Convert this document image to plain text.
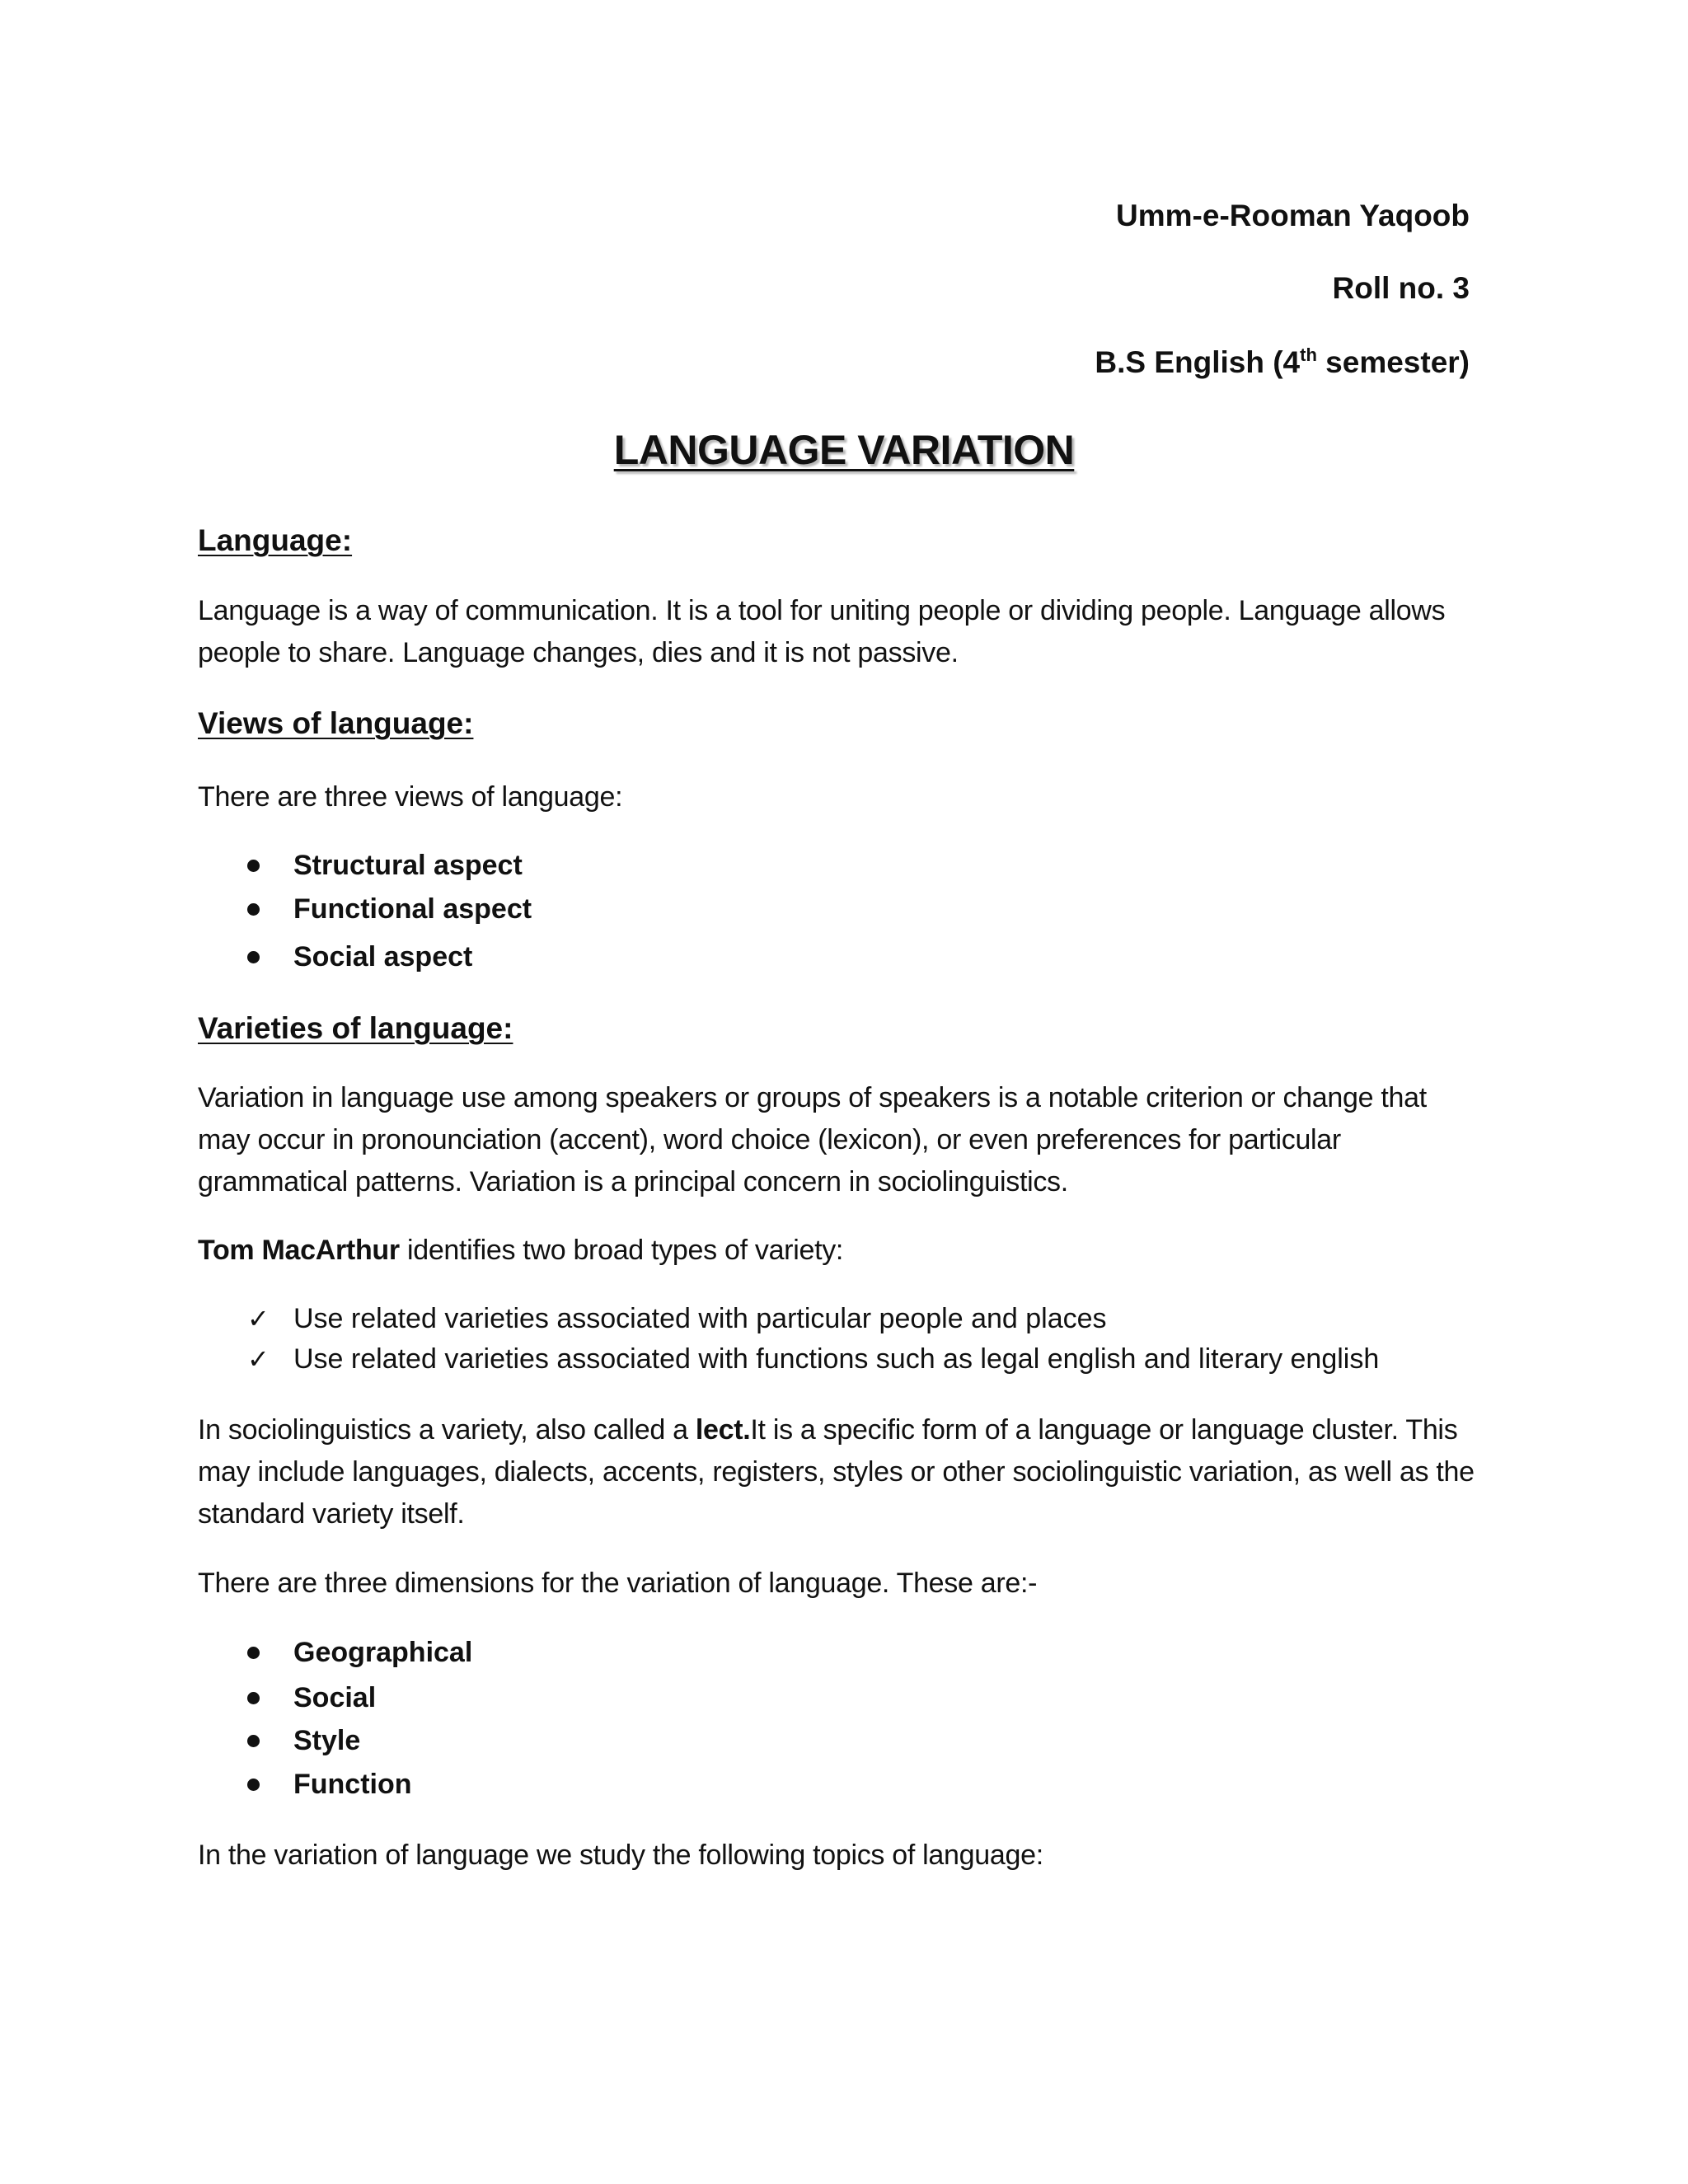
Umm-e-Rooman Yaqoob
Roll no. 3
B.S English (4th semester)
LANGUAGE VARIATION
Language:
Language is a way of communication. It is a tool for uniting people or dividing people. Language allows
people to share. Language changes, dies and it is not passive.
Views of language:
There are three views of language:
Structural aspect
Functional aspect
Social aspect
Varieties of language:
Variation in language use among speakers or groups of speakers is a notable criterion or change that
may occur in pronounciation (accent), word choice (lexicon), or even preferences for particular
grammatical patterns. Variation is a principal concern in sociolinguistics.
Tom MacArthur identifies two broad types of variety:
✓ Use related varieties associated with particular people and places
✓ Use related varieties associated with functions such as legal english and literary english
In sociolinguistics a variety, also called a lect.It is a specific form of a language or language cluster. This
may include languages, dialects, accents, registers, styles or other sociolinguistic variation, as well as the
standard variety itself.
There are three dimensions for the variation of language. These are:-
Geographical
Social
Style
Function
In the variation of language we study the following topics of language:
